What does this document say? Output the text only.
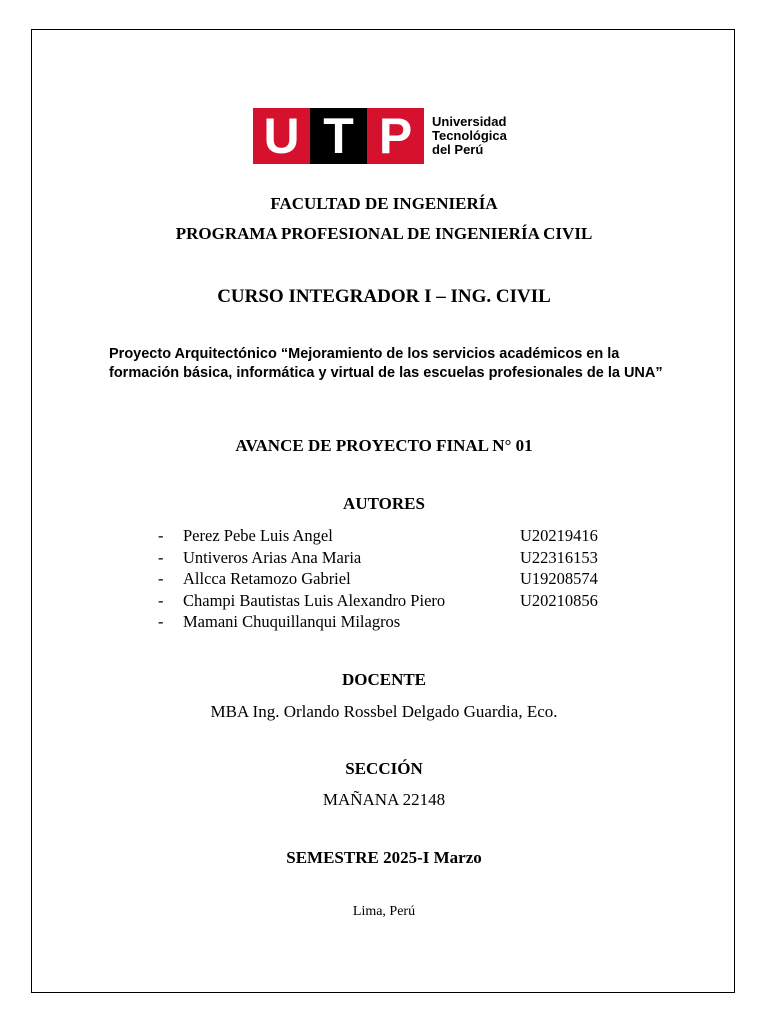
U T P	Universidad
Tecnológica
del Perú
FACULTAD DE INGENIERÍA
PROGRAMA PROFESIONAL DE INGENIERÍA CIVIL
CURSO INTEGRADOR I – ING. CIVIL
Proyecto Arquitectónico “Mejoramiento de los servicios académicos en la formación básica, informática y virtual de las escuelas profesionales de la UNA”
AVANCE DE PROYECTO FINAL N° 01
AUTORES
- Perez Pebe Luis Angel	U20219416
- Untiveros Arias Ana Maria	U22316153
- Allcca Retamozo Gabriel	U19208574
- Champi Bautistas Luis Alexandro Piero	U20210856
- Mamani Chuquillanqui Milagros
DOCENTE
MBA Ing. Orlando Rossbel Delgado Guardia, Eco.
SECCIÓN
MAÑANA 22148
SEMESTRE 2025-I Marzo
Lima, Perú
